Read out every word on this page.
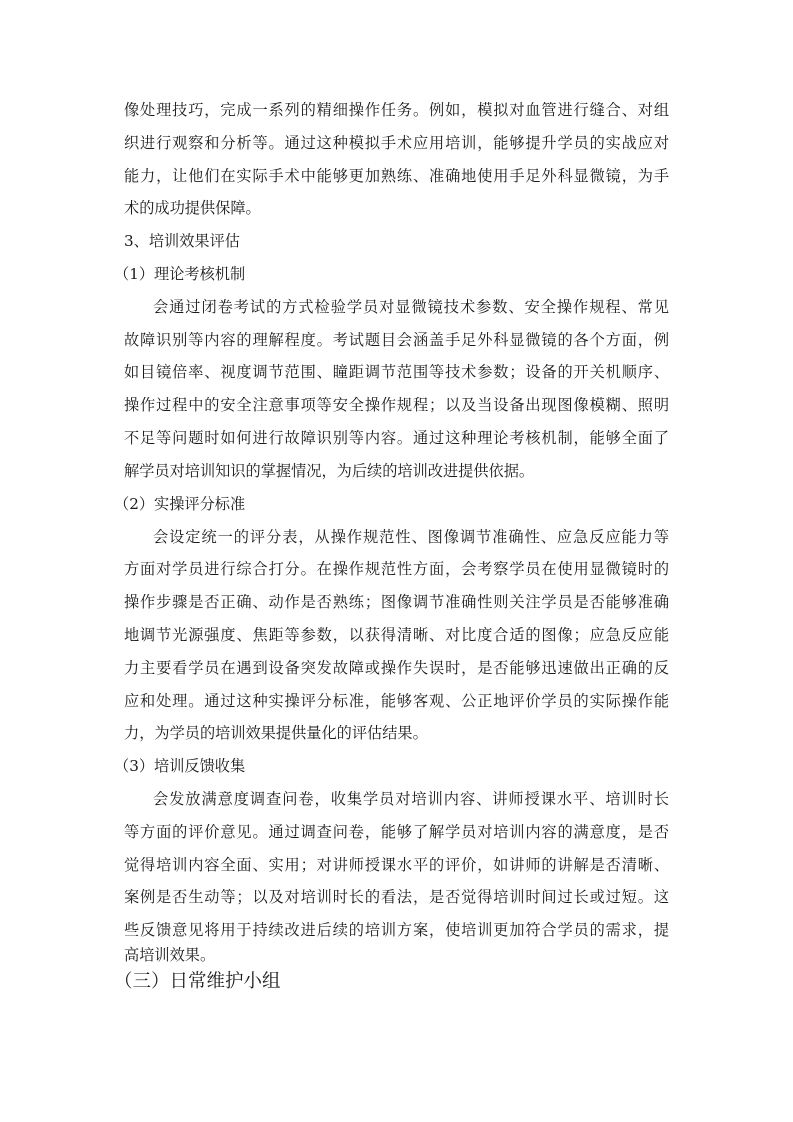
像处理技巧，完成一系列的精细操作任务。例如，模拟对血管进行缝合、对组
织进行观察和分析等。通过这种模拟手术应用培训，能够提升学员的实战应对
能力，让他们在实际手术中能够更加熟练、准确地使用手足外科显微镜，为手
术的成功提供保障。
3、培训效果评估
（1）理论考核机制
会通过闭卷考试的方式检验学员对显微镜技术参数、安全操作规程、常见
故障识别等内容的理解程度。考试题目会涵盖手足外科显微镜的各个方面，例
如目镜倍率、视度调节范围、瞳距调节范围等技术参数；设备的开关机顺序、
操作过程中的安全注意事项等安全操作规程；以及当设备出现图像模糊、照明
不足等问题时如何进行故障识别等内容。通过这种理论考核机制，能够全面了
解学员对培训知识的掌握情况，为后续的培训改进提供依据。
（2）实操评分标准
会设定统一的评分表，从操作规范性、图像调节准确性、应急反应能力等
方面对学员进行综合打分。在操作规范性方面，会考察学员在使用显微镜时的
操作步骤是否正确、动作是否熟练；图像调节准确性则关注学员是否能够准确
地调节光源强度、焦距等参数，以获得清晰、对比度合适的图像；应急反应能
力主要看学员在遇到设备突发故障或操作失误时，是否能够迅速做出正确的反
应和处理。通过这种实操评分标准，能够客观、公正地评价学员的实际操作能
力，为学员的培训效果提供量化的评估结果。
（3）培训反馈收集
会发放满意度调查问卷，收集学员对培训内容、讲师授课水平、培训时长
等方面的评价意见。通过调查问卷，能够了解学员对培训内容的满意度，是否
觉得培训内容全面、实用；对讲师授课水平的评价，如讲师的讲解是否清晰、
案例是否生动等；以及对培训时长的看法，是否觉得培训时间过长或过短。这
些反馈意见将用于持续改进后续的培训方案，使培训更加符合学员的需求，提
高培训效果。
（三）日常维护小组
